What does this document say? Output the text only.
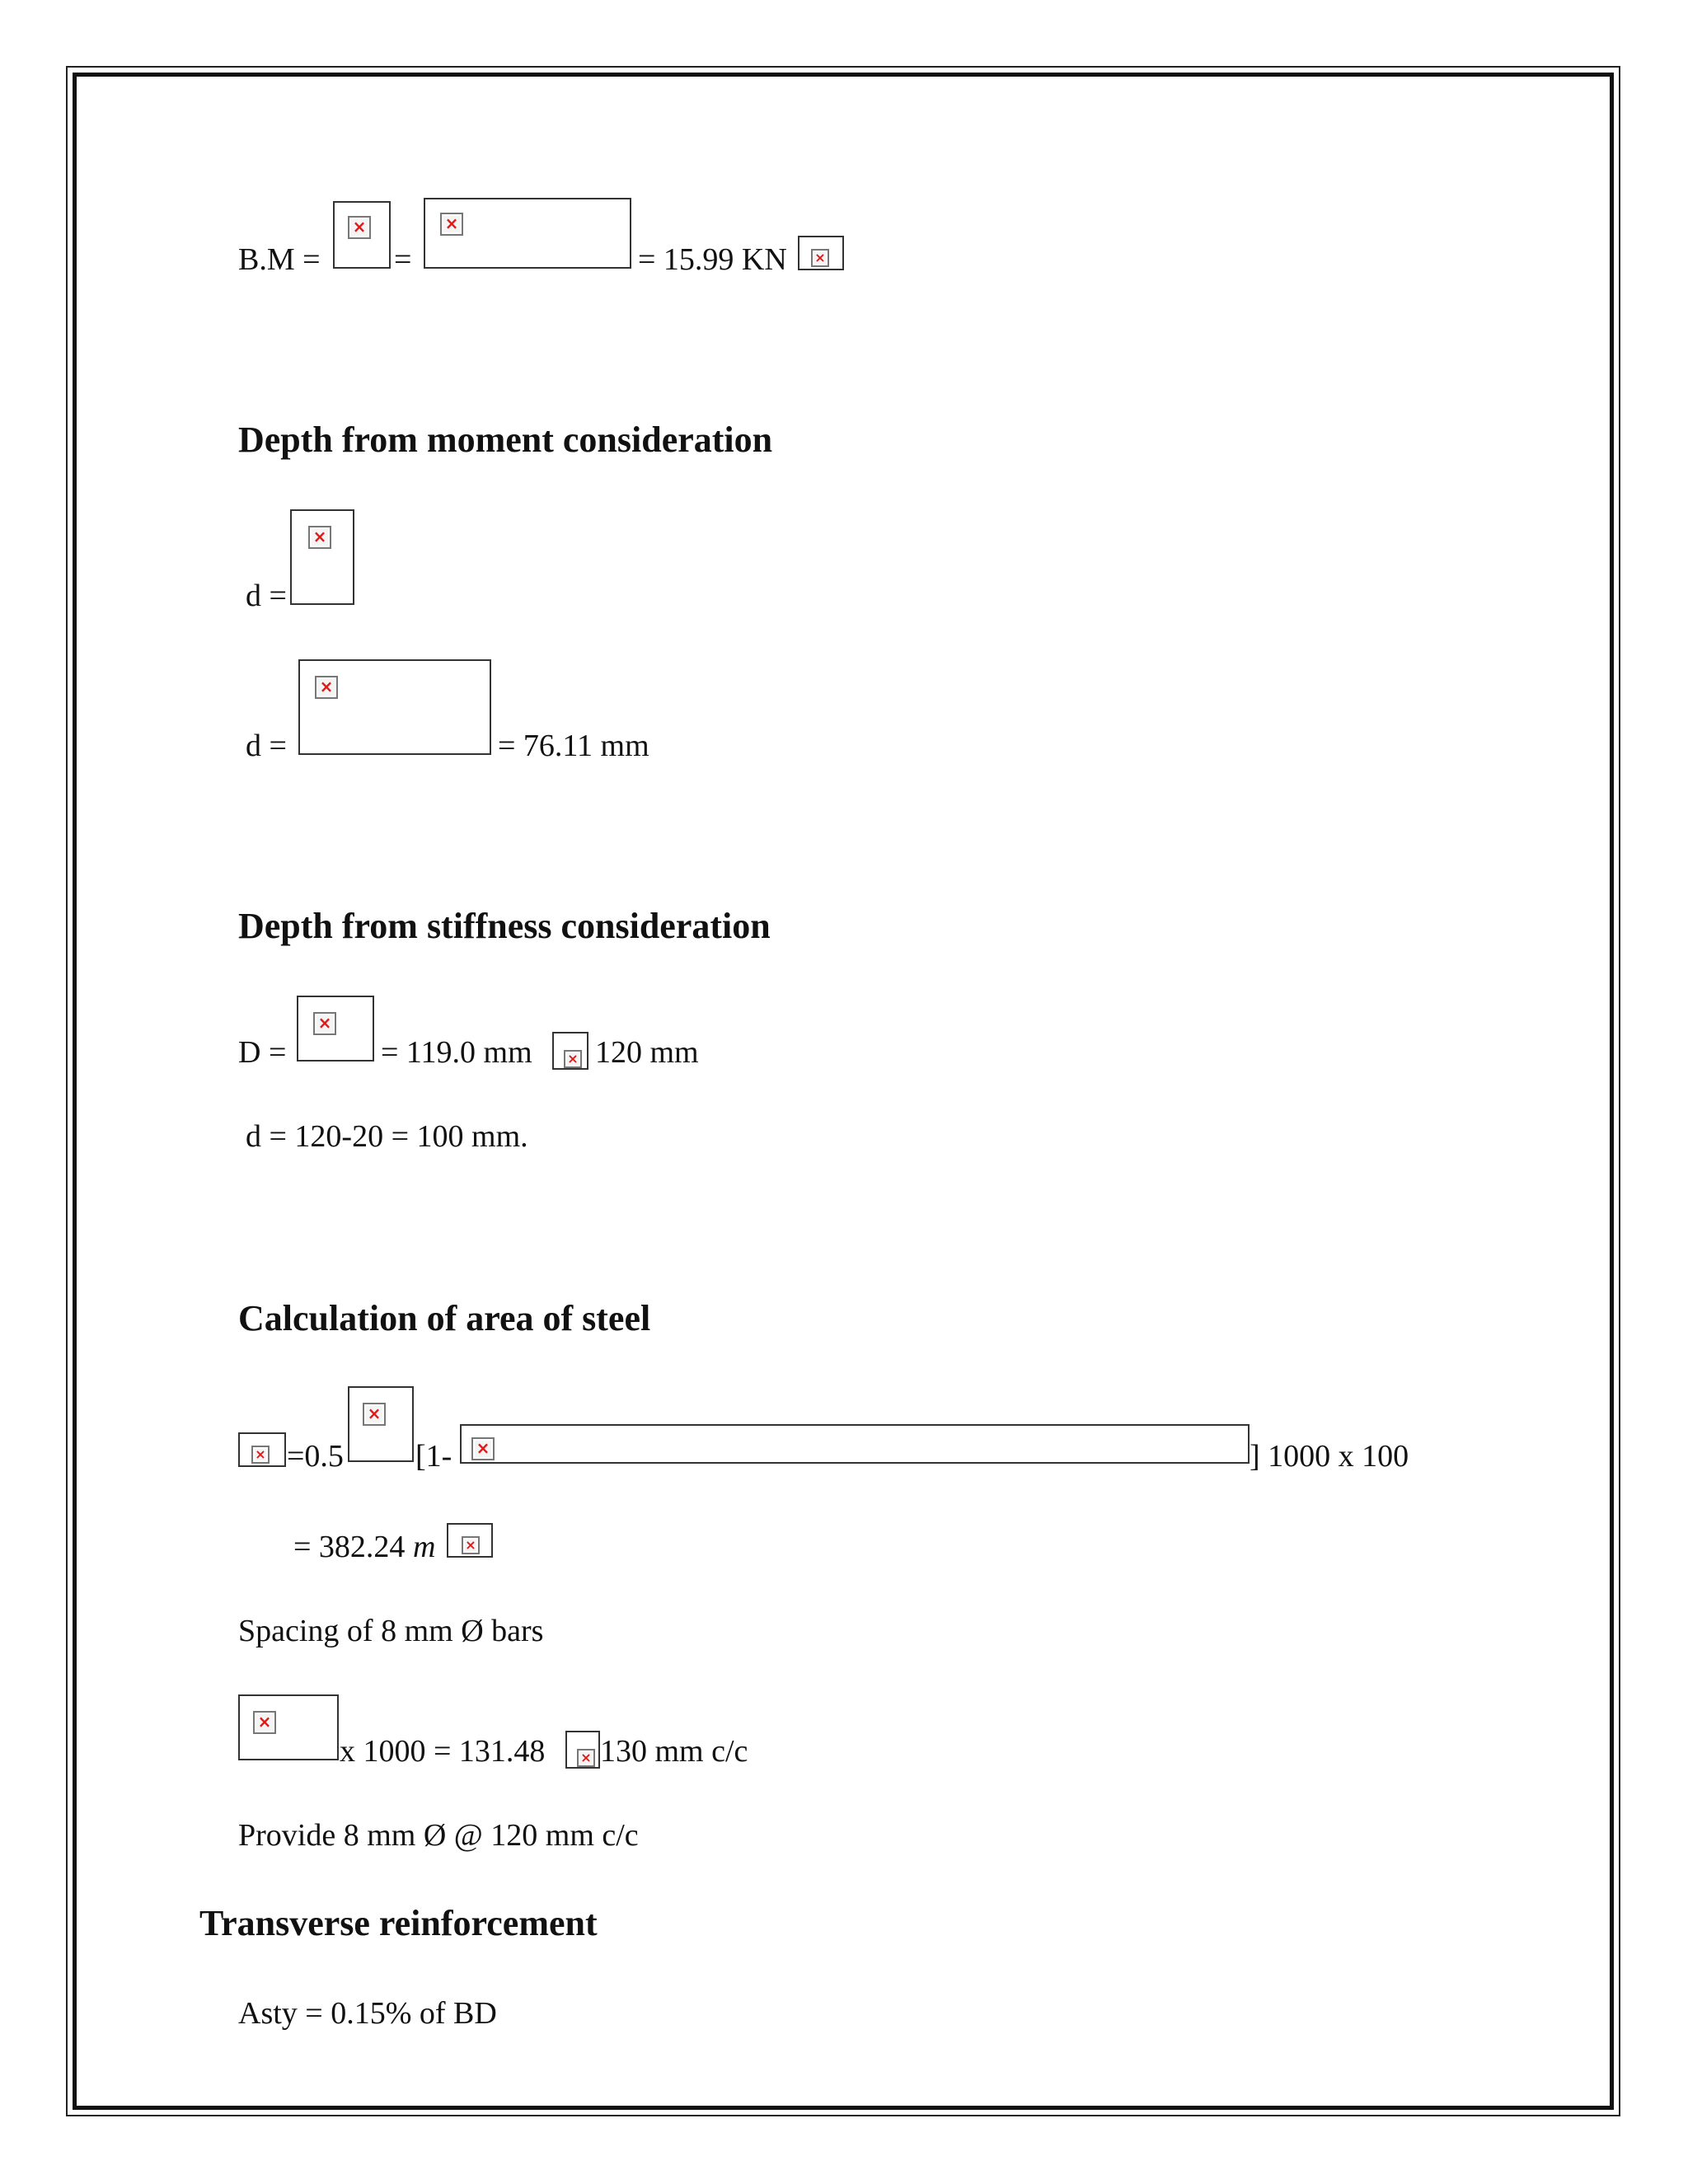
B.M =
× =
×	= 15.99 KN
×
Depth from moment consideration
d =
×
d =
×	= 76.11 mm
Depth from stiffness consideration
D =
×	= 119.0 mm × 120 mm
d = 120-20 = 100 mm.
Calculation of area of steel
×
=0.5
× [1- ×	] 1000 x 100
= 382.24 m
×
Spacing of 8 mm Ø bars
×
x 1000 = 131.48 × 130 mm c/c
Provide 8 mm Ø @ 120 mm c/c
Transverse reinforcement
Asty = 0.15% of BD
